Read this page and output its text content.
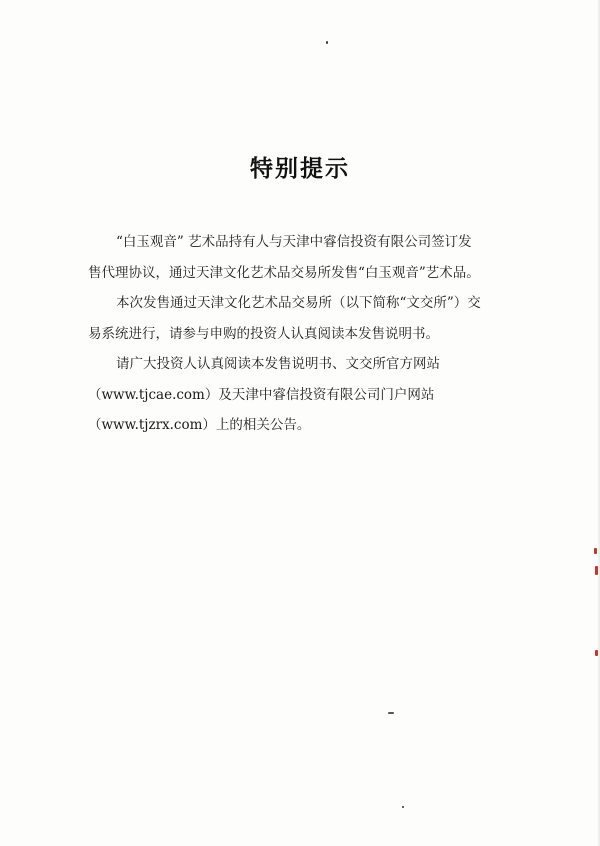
特别提示
“白玉观音” 艺术品持有人与天津中睿信投资有限公司签订发
售代理协议，通过天津文化艺术品交易所发售“白玉观音”艺术品。
本次发售通过天津文化艺术品交易所（以下简称“文交所”）交
易系统进行，请参与申购的投资人认真阅读本发售说明书。
请广大投资人认真阅读本发售说明书、文交所官方网站
（www.tjcae.com）及天津中睿信投资有限公司门户网站
（www.tjzrx.com）上的相关公告。
